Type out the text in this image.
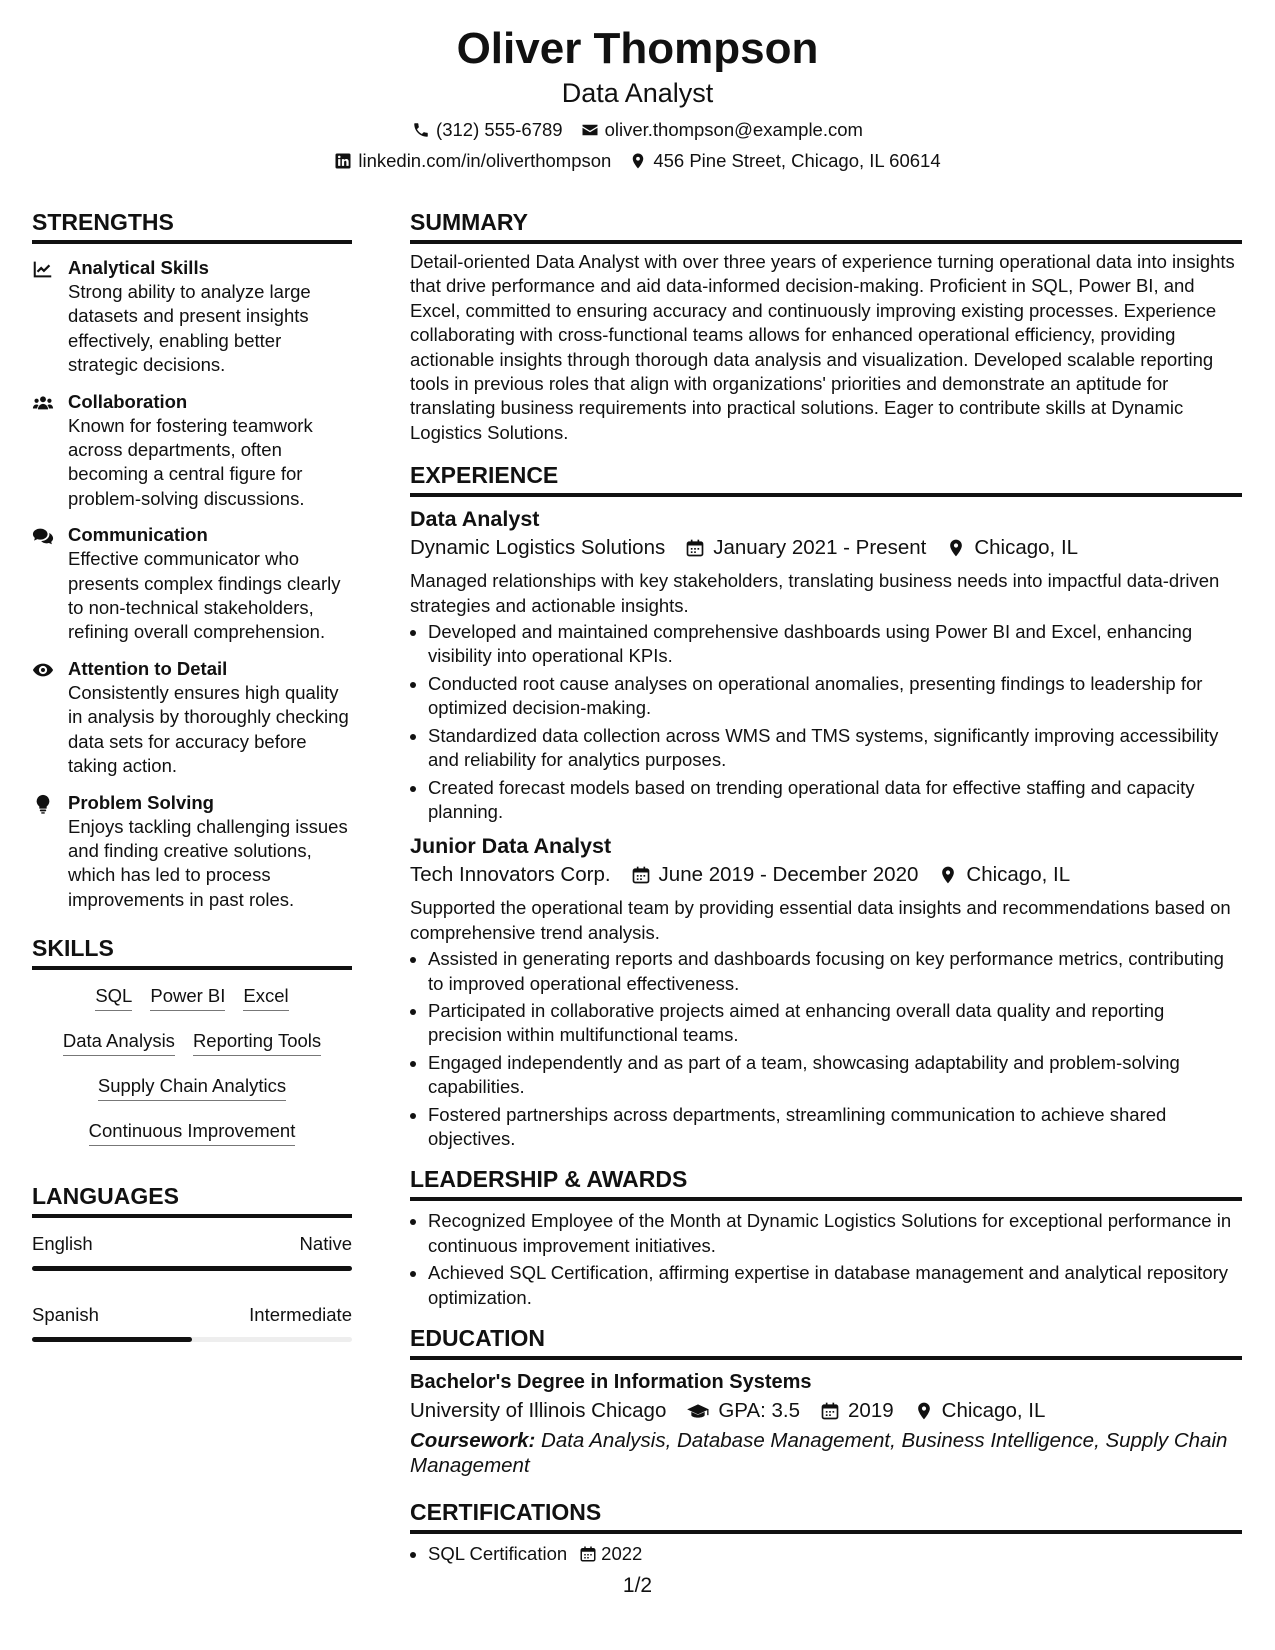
Oliver Thompson
Data Analyst
(312) 555-6789 oliver.thompson@example.com
linkedin.com/in/oliverthompson 456 Pine Street, Chicago, IL 60614
STRENGTHS
Analytical Skills
Strong ability to analyze large datasets and present insights effectively, enabling better strategic decisions.
Collaboration
Known for fostering teamwork across departments, often becoming a central figure for problem-solving discussions.
Communication
Effective communicator who presents complex findings clearly to non-technical stakeholders, refining overall comprehension.
Attention to Detail
Consistently ensures high quality in analysis by thoroughly checking data sets for accuracy before taking action.
Problem Solving
Enjoys tackling challenging issues and finding creative solutions, which has led to process improvements in past roles.
SKILLS
SQL Power BI Excel
Data Analysis Reporting Tools
Supply Chain Analytics
Continuous Improvement
LANGUAGES
English	Native
Spanish	Intermediate
SUMMARY
Detail-oriented Data Analyst with over three years of experience turning operational data into insights that drive performance and aid data-informed decision-making. Proficient in SQL, Power BI, and Excel, committed to ensuring accuracy and continuously improving existing processes. Experience collaborating with cross-functional teams allows for enhanced operational efficiency, providing actionable insights through thorough data analysis and visualization. Developed scalable reporting tools in previous roles that align with organizations' priorities and demonstrate an aptitude for translating business requirements into practical solutions. Eager to contribute skills at Dynamic Logistics Solutions.
EXPERIENCE
Data Analyst
Dynamic Logistics Solutions January 2021 - Present Chicago, IL
Managed relationships with key stakeholders, translating business needs into impactful data-driven strategies and actionable insights.
Developed and maintained comprehensive dashboards using Power BI and Excel, enhancing visibility into operational KPIs.
Conducted root cause analyses on operational anomalies, presenting findings to leadership for optimized decision-making.
Standardized data collection across WMS and TMS systems, significantly improving accessibility and reliability for analytics purposes.
Created forecast models based on trending operational data for effective staffing and capacity planning.
Junior Data Analyst
Tech Innovators Corp. June 2019 - December 2020 Chicago, IL
Supported the operational team by providing essential data insights and recommendations based on comprehensive trend analysis.
Assisted in generating reports and dashboards focusing on key performance metrics, contributing to improved operational effectiveness.
Participated in collaborative projects aimed at enhancing overall data quality and reporting precision within multifunctional teams.
Engaged independently and as part of a team, showcasing adaptability and problem-solving capabilities.
Fostered partnerships across departments, streamlining communication to achieve shared objectives.
LEADERSHIP & AWARDS
Recognized Employee of the Month at Dynamic Logistics Solutions for exceptional performance in continuous improvement initiatives.
Achieved SQL Certification, affirming expertise in database management and analytical repository optimization.
EDUCATION
Bachelor's Degree in Information Systems
University of Illinois Chicago	GPA: 3.5 2019 Chicago, IL
Coursework: Data Analysis, Database Management, Business Intelligence, Supply Chain Management
CERTIFICATIONS
SQL Certification 2022
1/2
